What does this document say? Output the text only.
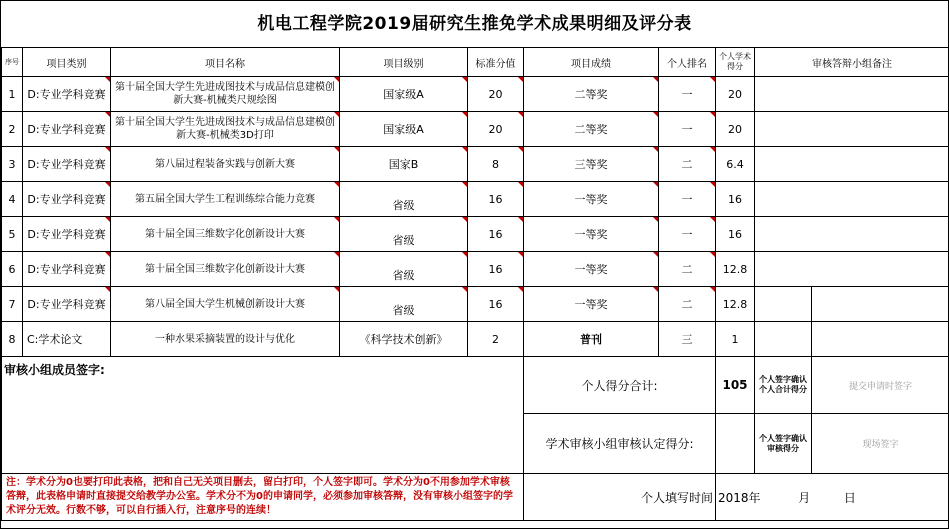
机电工程学院2019届研究生推免学术成果明细及评分表
序号	项目类别	项目名称	项目级别	标准分值	项目成绩	个人排名	个人学术得分	审核答辩小组备注	
1	D:专业学科竞赛	第十届全国大学生先进成图技术与成品信息建模创新大赛-机械类尺规绘图	国家级A	20	二等奖	一	20		
2	D:专业学科竞赛	第十届全国大学生先进成图技术与成品信息建模创新大赛-机械类3D打印	国家级A	20	二等奖	一	20		
3	D:专业学科竞赛	第八届过程装备实践与创新大赛	国家B	8	三等奖	二	6.4		
4	D:专业学科竞赛	第五届全国大学生工程训练综合能力竞赛	省级	16	一等奖	一	16		
5	D:专业学科竞赛	第十届全国三维数字化创新设计大赛	省级	16	一等奖	一	16		
6	D:专业学科竞赛	第十届全国三维数字化创新设计大赛	省级	16	一等奖	二	12.8		
7	D:专业学科竞赛	第八届全国大学生机械创新设计大赛	省级	16	一等奖	二	12.8		
8	C:学术论文	一种水果采摘装置的设计与优化	《科学技术创新》	2	普刊	三	1		
审核小组成员签字:					个人得分合计:		105	个人签字确认个人合计得分	提交申请时签字
					学术审核小组审核认定得分:			个人签字确认审核得分	现场签字
注：学术分为0也要打印此表格，把和自己无关项目删去，留白打印，个人签字即可。学术分为0不用参加学术审核答辩，此表格申请时直接提交给教学办公室。学术分不为0的申请同学，必须参加审核答辩，没有审核小组签字的学术评分无效。行数不够，可以自行插入行，注意序号的连续！					个人填写时间		2018年 月 日		
